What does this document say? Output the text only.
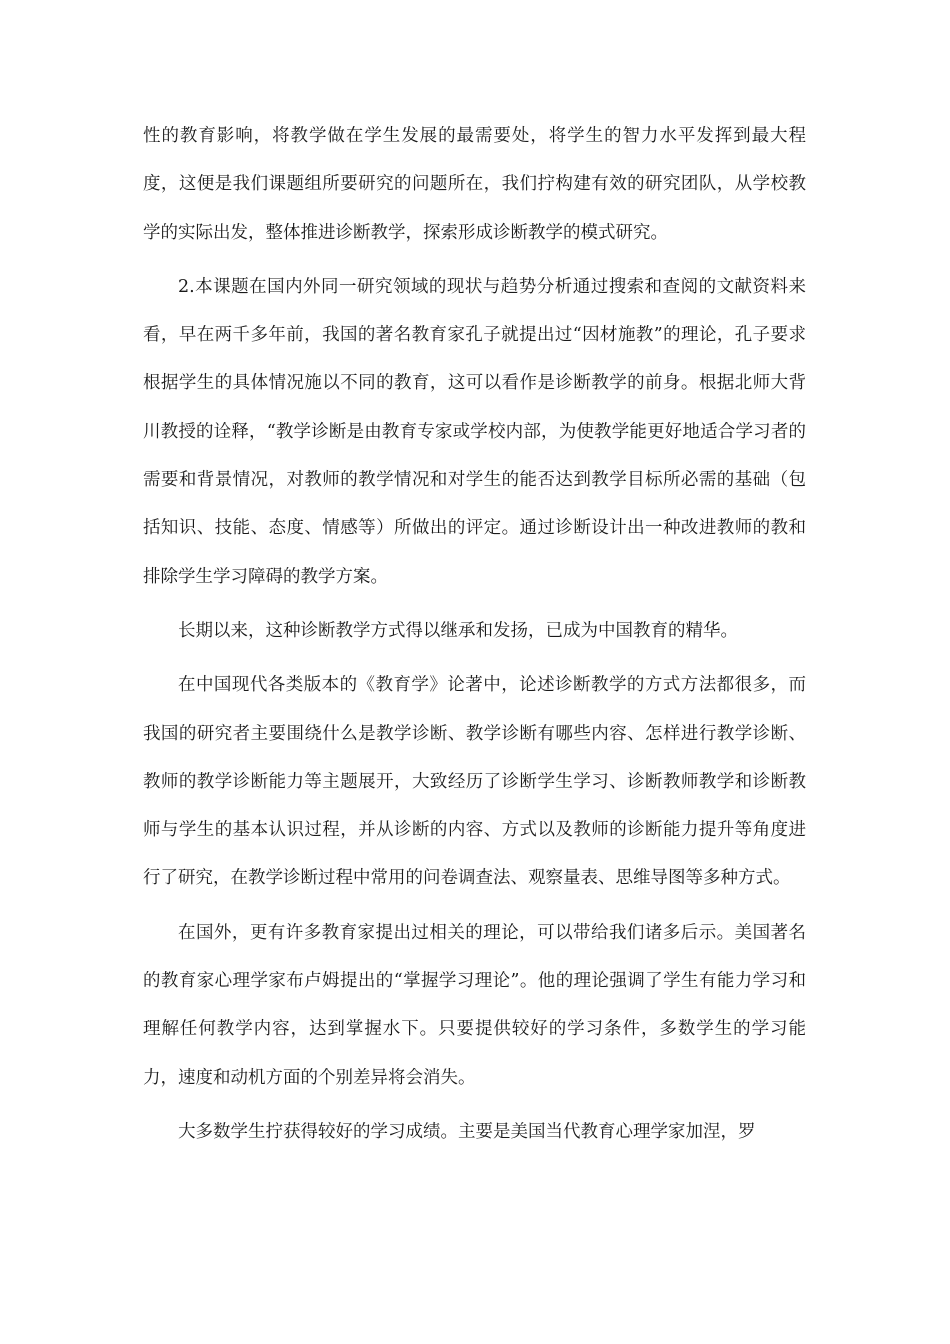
性的教育影响，将教学做在学生发展的最需要处，将学生的智力水平发挥到最大程度，这便是我们课题组所要研究的问题所在，我们拧构建有效的研究团队，从学校教学的实际出发，整体推进诊断教学，探索形成诊断教学的模式研究。

2.本课题在国内外同一研究领域的现状与趋势分析通过搜索和查阅的文献资料来看，早在两千多年前，我国的著名教育家孔子就提出过“因材施教”的理论，孔子要求根据学生的具体情况施以不同的教育，这可以看作是诊断教学的前身。根据北师大背川教授的诠释，“教学诊断是由教育专家或学校内部，为使教学能更好地适合学习者的需要和背景情况，对教师的教学情况和对学生的能否达到教学目标所必需的基础（包括知识、技能、态度、情感等）所做出的评定。通过诊断设计出一种改进教师的教和排除学生学习障碍的教学方案。

长期以来，这种诊断教学方式得以继承和发扬，已成为中国教育的精华。

在中国现代各类版本的《教育学》论著中，论述诊断教学的方式方法都很多，而我国的研究者主要围绕什么是教学诊断、教学诊断有哪些内容、怎样进行教学诊断、教师的教学诊断能力等主题展开，大致经历了诊断学生学习、诊断教师教学和诊断教师与学生的基本认识过程，并从诊断的内容、方式以及教师的诊断能力提升等角度进行了研究，在教学诊断过程中常用的问卷调查法、观察量表、思维导图等多种方式。

在国外，更有许多教育家提出过相关的理论，可以带给我们诸多后示。美国著名的教育家心理学家布卢姆提出的“掌握学习理论”。他的理论强调了学生有能力学习和理解任何教学内容，达到掌握水下。只要提供较好的学习条件，多数学生的学习能力，速度和动机方面的个别差异将会消失。

大多数学生拧获得较好的学习成绩。主要是美国当代教育心理学家加涅，罗
